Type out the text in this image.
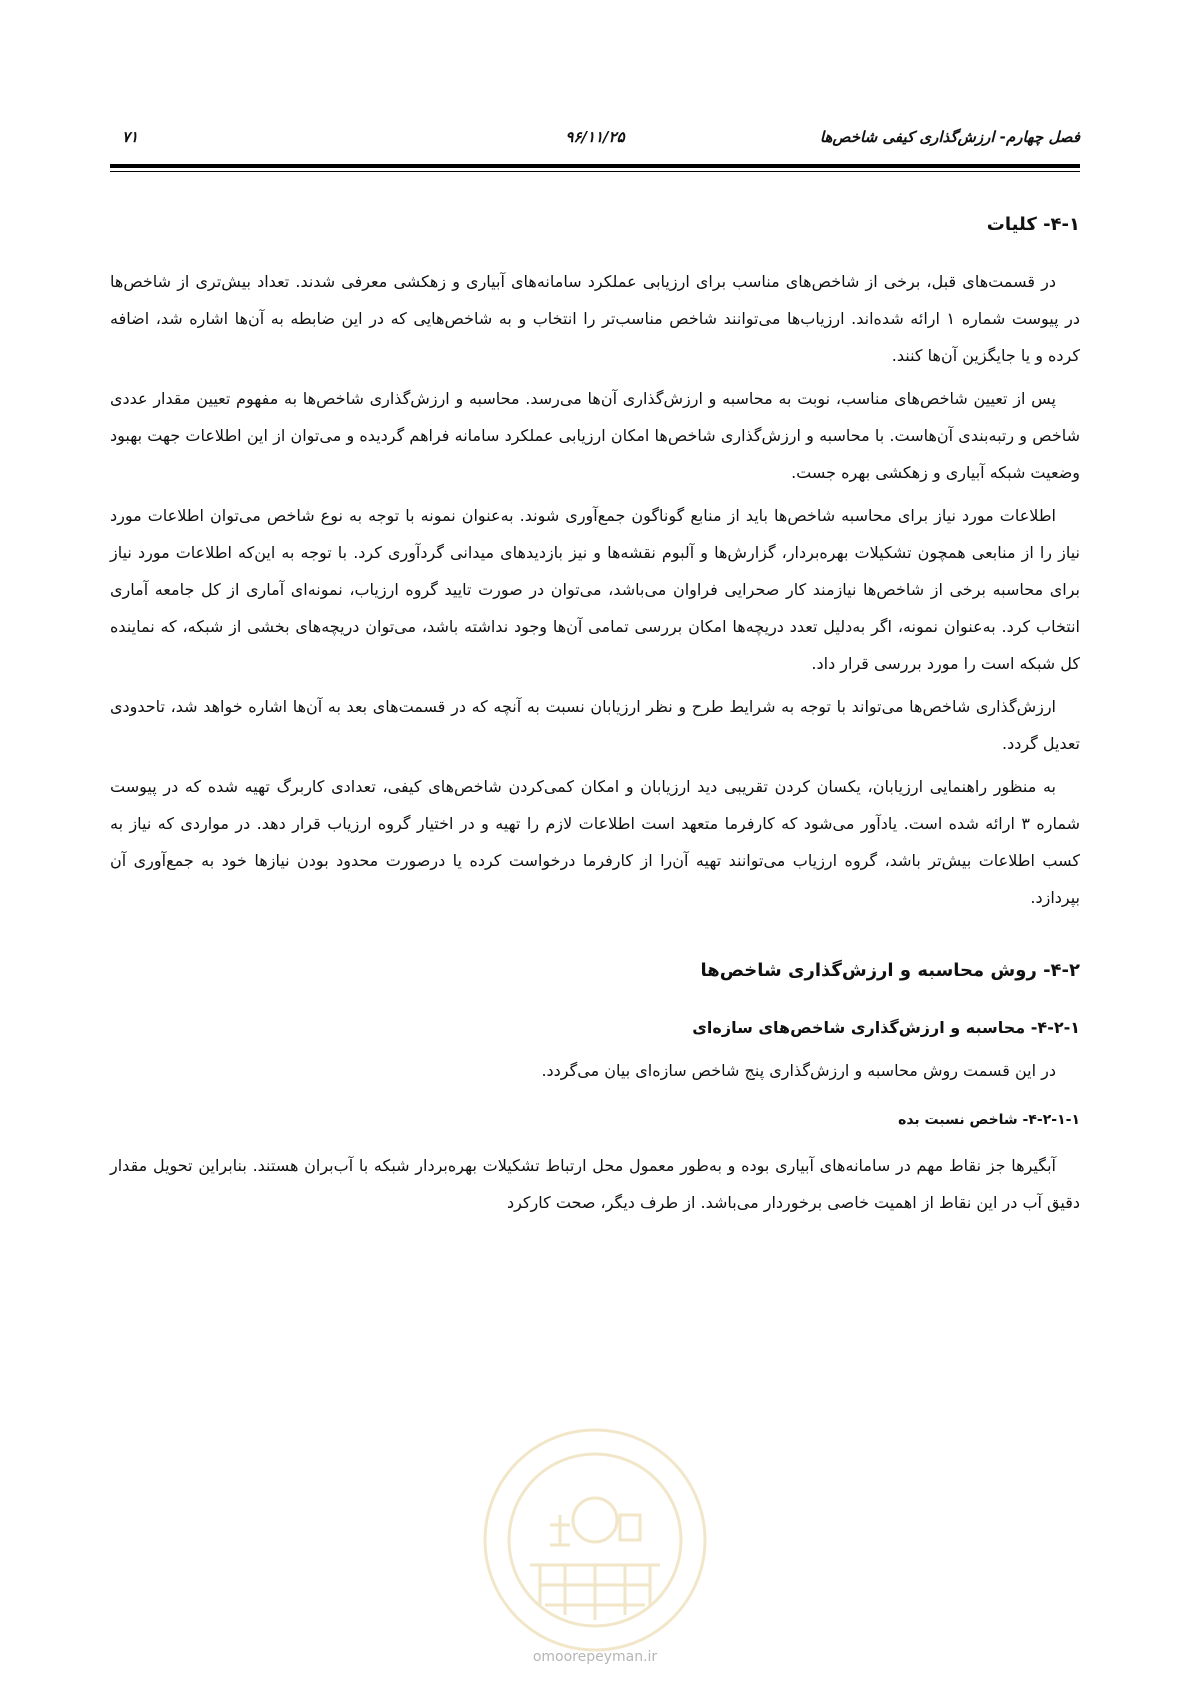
فصل چهارم- ارزش‌گذاری کیفی شاخص‌ها
۹۶/۱۱/۲۵
۷۱
۴-۱- کلیات

در قسمت‌های قبل، برخی از شاخص‌های مناسب برای ارزیابی عملکرد سامانه‌های آبیاری و زهکشی معرفی شدند. تعداد بیش‌تری از شاخص‌ها در پیوست شماره ۱ ارائه شده‌اند. ارزیاب‌ها می‌توانند شاخص مناسب‌تر را انتخاب و به شاخص‌هایی که در این ضابطه به آن‌ها اشاره شد، اضافه کرده و یا جایگزین آن‌ها کنند.

پس از تعیین شاخص‌های مناسب، نوبت به محاسبه و ارزش‌گذاری آن‌ها می‌رسد. محاسبه و ارزش‌گذاری شاخص‌ها به مفهوم تعیین مقدار عددی شاخص و رتبه‌بندی آن‌هاست. با محاسبه و ارزش‌گذاری شاخص‌ها امکان ارزیابی عملکرد سامانه فراهم گردیده و می‌توان از این اطلاعات جهت بهبود وضعیت شبکه آبیاری و زهکشی بهره جست.

اطلاعات مورد نیاز برای محاسبه شاخص‌ها باید از منابع گوناگون جمع‌آوری شوند. به‌عنوان نمونه با توجه به نوع شاخص می‌توان اطلاعات مورد نیاز را از منابعی همچون تشکیلات بهره‌بردار، گزارش‌ها و آلبوم نقشه‌ها و نیز بازدیدهای میدانی گردآوری کرد. با توجه به این‌که اطلاعات مورد نیاز برای محاسبه برخی از شاخص‌ها نیازمند کار صحرایی فراوان می‌باشد، می‌توان در صورت تایید گروه ارزیاب، نمونه‌ای آماری از کل جامعه آماری انتخاب کرد. به‌عنوان نمونه، اگر به‌دلیل تعدد دریچه‌ها امکان بررسی تمامی آن‌ها وجود نداشته باشد، می‌توان دریچه‌های بخشی از شبکه، که نماینده کل شبکه است را مورد بررسی قرار داد.

ارزش‌گذاری شاخص‌ها می‌تواند با توجه به شرایط طرح و نظر ارزیابان نسبت به آنچه که در قسمت‌های بعد به آن‌ها اشاره خواهد شد، تاحدودی تعدیل گردد.

به منظور راهنمایی ارزیابان، یکسان کردن تقریبی دید ارزیابان و امکان کمی‌کردن شاخص‌های کیفی، تعدادی کاربرگ تهیه شده که در پیوست شماره ۳ ارائه شده است. یادآور می‌شود که کارفرما متعهد است اطلاعات لازم را تهیه و در اختیار گروه ارزیاب قرار دهد. در مواردی که نیاز به کسب اطلاعات بیش‌تر باشد، گروه ارزیاب می‌توانند تهیه آن‌را از کارفرما درخواست کرده یا درصورت محدود بودن نیازها خود به جمع‌آوری آن بپردازد.

۴-۲- روش محاسبه و ارزش‌گذاری شاخص‌ها
۴-۲-۱- محاسبه و ارزش‌گذاری شاخص‌های سازه‌ای

در این قسمت روش محاسبه و ارزش‌گذاری پنج شاخص سازه‌ای بیان می‌گردد.

۴-۲-۱-۱- شاخص نسبت بده

آبگیرها جز نقاط مهم در سامانه‌های آبیاری بوده و به‌طور معمول محل ارتباط تشکیلات بهره‌بردار شبکه با آب‌بران هستند. بنابراین تحویل مقدار دقیق آب در این نقاط از اهمیت خاصی برخوردار می‌باشد. از طرف دیگر، صحت کارکرد

omoorepeyman.ir
